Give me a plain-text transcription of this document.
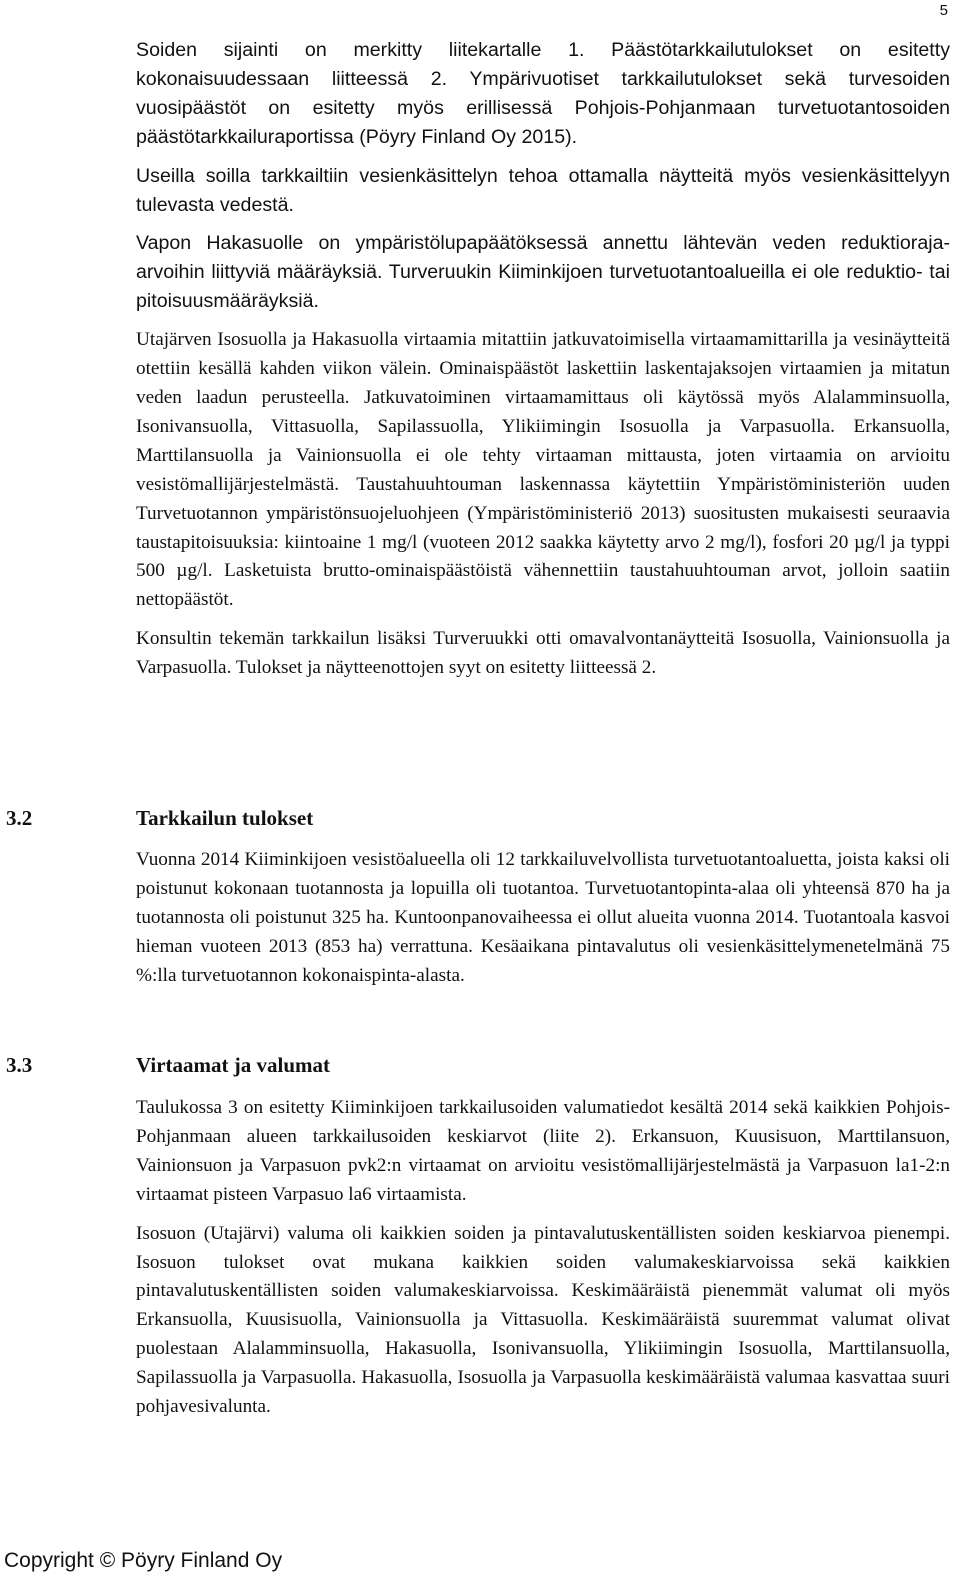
5

Soiden sijainti on merkitty liitekartalle 1. Päästötarkkailutulokset on esitetty kokonaisuudessaan liitteessä 2. Ympärivuotiset tarkkailutulokset sekä turvesoiden vuosipäästöt on esitetty myös erillisessä Pohjois-Pohjanmaan turvetuotantosoiden päästötarkkailuraportissa (Pöyry Finland Oy 2015).

Useilla soilla tarkkailtiin vesienkäsittelyn tehoa ottamalla näytteitä myös vesienkäsittelyyn tulevasta vedestä.

Vapon Hakasuolle on ympäristölupapäätöksessä annettu lähtevän veden reduktioraja-arvoihin liittyviä määräyksiä. Turveruukin Kiiminkijoen turvetuotantoalueilla ei ole reduktio- tai pitoisuusmääräyksiä.

Utajärven Isosuolla ja Hakasuolla virtaamia mitattiin jatkuvatoimisella virtaamamittarilla ja vesinäytteitä otettiin kesällä kahden viikon välein. Ominaispäästöt laskettiin laskentajaksojen virtaamien ja mitatun veden laadun perusteella. Jatkuvatoiminen virtaamamittaus oli käytössä myös Alalamminsuolla, Isonivansuolla, Vittasuolla, Sapilassuolla, Ylikiimingin Isosuolla ja Varpasuolla. Erkansuolla, Marttilansuolla ja Vainionsuolla ei ole tehty virtaaman mittausta, joten virtaamia on arvioitu vesistömallijärjestelmästä. Taustahuuhtouman laskennassa käytettiin Ympäristöministeriön uuden Turvetuotannon ympäristönsuojeluohjeen (Ympäristöministeriö 2013) suositusten mukaisesti seuraavia taustapitoisuuksia: kiintoaine 1 mg/l (vuoteen 2012 saakka käytetty arvo 2 mg/l), fosfori 20 µg/l ja typpi 500 µg/l. Lasketuista brutto-ominaispäästöistä vähennettiin taustahuuhtouman arvot, jolloin saatiin nettopäästöt.

Konsultin tekemän tarkkailun lisäksi Turveruukki otti omavalvontanäytteitä Isosuolla, Vainionsuolla ja Varpasuolla. Tulokset ja näytteenottojen syyt on esitetty liitteessä 2.

3.2	Tarkkailun tulokset

Vuonna 2014 Kiiminkijoen vesistöalueella oli 12 tarkkailuvelvollista turvetuotantoaluetta, joista kaksi oli poistunut kokonaan tuotannosta ja lopuilla oli tuotantoa. Turvetuotantopinta-alaa oli yhteensä 870 ha ja tuotannosta oli poistunut 325 ha. Kuntoonpanovaiheessa ei ollut alueita vuonna 2014. Tuotantoala kasvoi hieman vuoteen 2013 (853 ha) verrattuna. Kesäaikana pintavalutus oli vesienkäsittelymenetelmänä 75 %:lla turvetuotannon kokonaispinta-alasta.

3.3	Virtaamat ja valumat

Taulukossa 3 on esitetty Kiiminkijoen tarkkailusoiden valumatiedot kesältä 2014 sekä kaikkien Pohjois-Pohjanmaan alueen tarkkailusoiden keskiarvot (liite 2). Erkansuon, Kuusisuon, Marttilansuon, Vainionsuon ja Varpasuon pvk2:n virtaamat on arvioitu vesistömallijärjestelmästä ja Varpasuon la1-2:n virtaamat pisteen Varpasuo la6 virtaamista.

Isosuon (Utajärvi) valuma oli kaikkien soiden ja pintavalutuskentällisten soiden keskiarvoa pienempi. Isosuon tulokset ovat mukana kaikkien soiden valumakeskiarvoissa sekä kaikkien pintavalutuskentällisten soiden valumakeskiarvoissa. Keskimääräistä pienemmät valumat oli myös Erkansuolla, Kuusisuolla, Vainionsuolla ja Vittasuolla. Keskimääräistä suuremmat valumat olivat puolestaan Alalamminsuolla, Hakasuolla, Isonivansuolla, Ylikiimingin Isosuolla, Marttilansuolla, Sapilassuolla ja Varpasuolla. Hakasuolla, Isosuolla ja Varpasuolla keskimääräistä valumaa kasvattaa suuri pohjavesivalunta.

Copyright © Pöyry Finland Oy
